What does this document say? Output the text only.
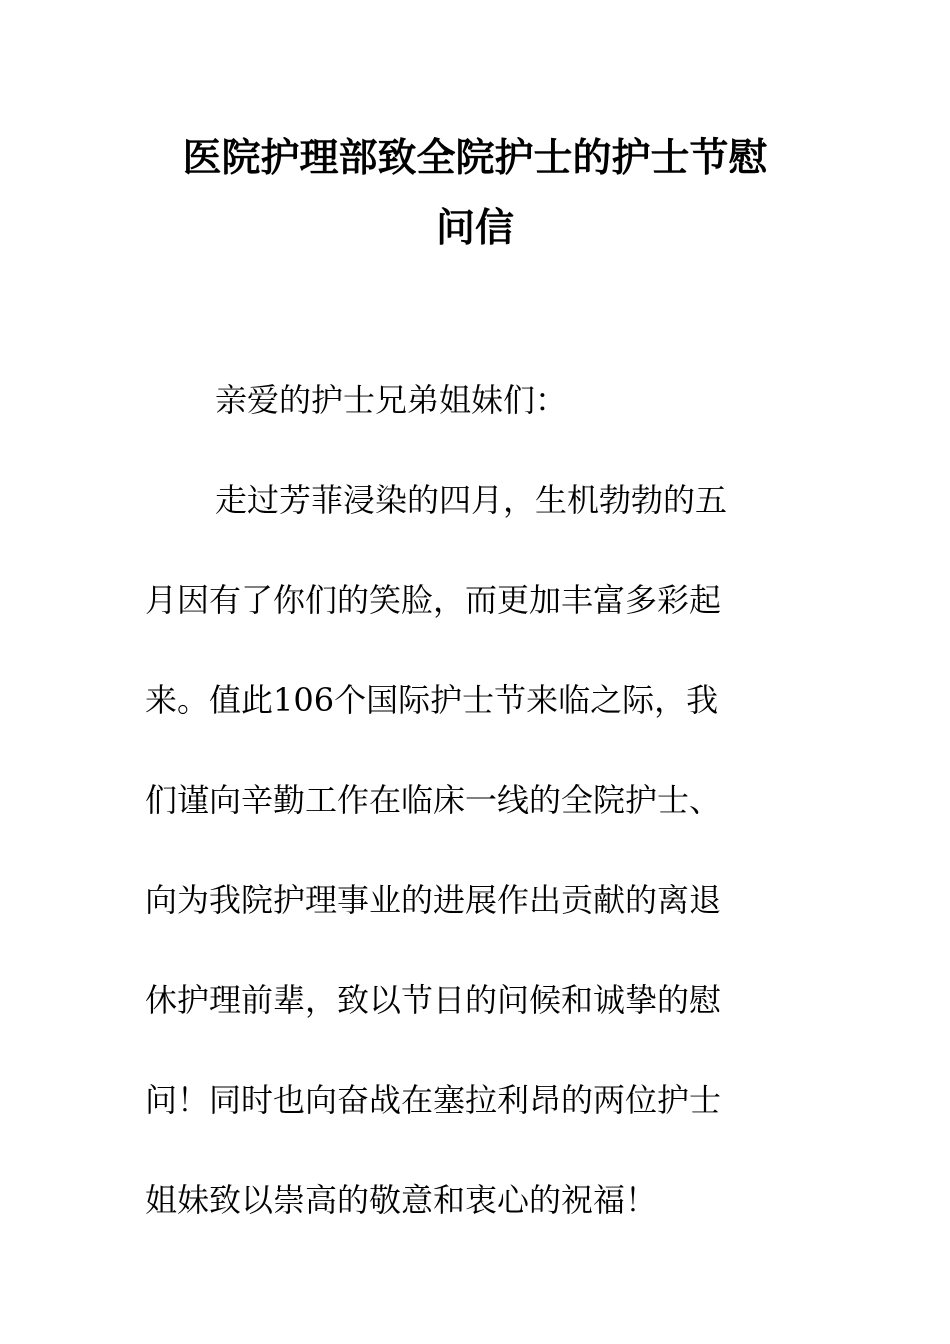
医院护理部致全院护士的护士节慰
问信

亲爱的护士兄弟姐妹们：

走过芳菲浸染的四月，生机勃勃的五

月因有了你们的笑脸，而更加丰富多彩起

来。值此106个国际护士节来临之际，我

们谨向辛勤工作在临床一线的全院护士、

向为我院护理事业的进展作出贡献的离退

休护理前辈，致以节日的问候和诚挚的慰

问！同时也向奋战在塞拉利昂的两位护士

姐妹致以崇高的敬意和衷心的祝福！
